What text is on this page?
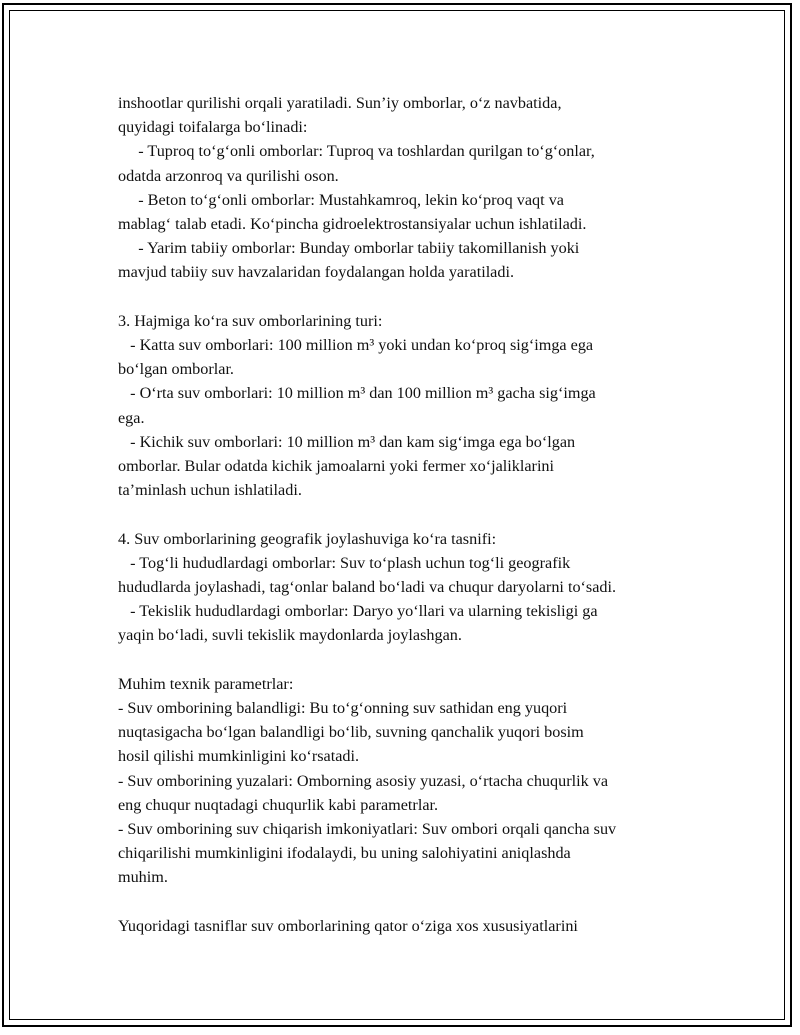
inshootlar qurilishi orqali yaratiladi. Sun’iy omborlar, o‘z navbatida,

quyidagi toifalarga bo‘linadi:

- Tuproq to‘g‘onli omborlar: Tuproq va toshlardan qurilgan to‘g‘onlar,

odatda arzonroq va qurilishi oson.

- Beton to‘g‘onli omborlar: Mustahkamroq, lekin ko‘proq vaqt va

mablag‘ talab etadi. Ko‘pincha gidroelektrostansiyalar uchun ishlatiladi.

- Yarim tabiiy omborlar: Bunday omborlar tabiiy takomillanish yoki

mavjud tabiiy suv havzalaridan foydalangan holda yaratiladi.

3. Hajmiga ko‘ra suv omborlarining turi:

- Katta suv omborlari: 100 million m³ yoki undan ko‘proq sig‘imga ega

bo‘lgan omborlar.

- O‘rta suv omborlari: 10 million m³ dan 100 million m³ gacha sig‘imga

ega.

- Kichik suv omborlari: 10 million m³ dan kam sig‘imga ega bo‘lgan

omborlar. Bular odatda kichik jamoalarni yoki fermer xo‘jaliklarini

ta’minlash uchun ishlatiladi.

4. Suv omborlarining geografik joylashuviga ko‘ra tasnifi:

- Tog‘li hududlardagi omborlar: Suv to‘plash uchun tog‘li geografik

hududlarda joylashadi, tag‘onlar baland bo‘ladi va chuqur daryolarni to‘sadi.

- Tekislik hududlardagi omborlar: Daryo yo‘llari va ularning tekisligi ga

yaqin bo‘ladi, suvli tekislik maydonlarda joylashgan.

Muhim texnik parametrlar:

- Suv omborining balandligi: Bu to‘g‘onning suv sathidan eng yuqori

nuqtasigacha bo‘lgan balandligi bo‘lib, suvning qanchalik yuqori bosim

hosil qilishi mumkinligini ko‘rsatadi.

- Suv omborining yuzalari: Omborning asosiy yuzasi, o‘rtacha chuqurlik va

eng chuqur nuqtadagi chuqurlik kabi parametrlar.

- Suv omborining suv chiqarish imkoniyatlari: Suv ombori orqali qancha suv

chiqarilishi mumkinligini ifodalaydi, bu uning salohiyatini aniqlashda

muhim.

Yuqoridagi tasniflar suv omborlarining qator o‘ziga xos xususiyatlarini
